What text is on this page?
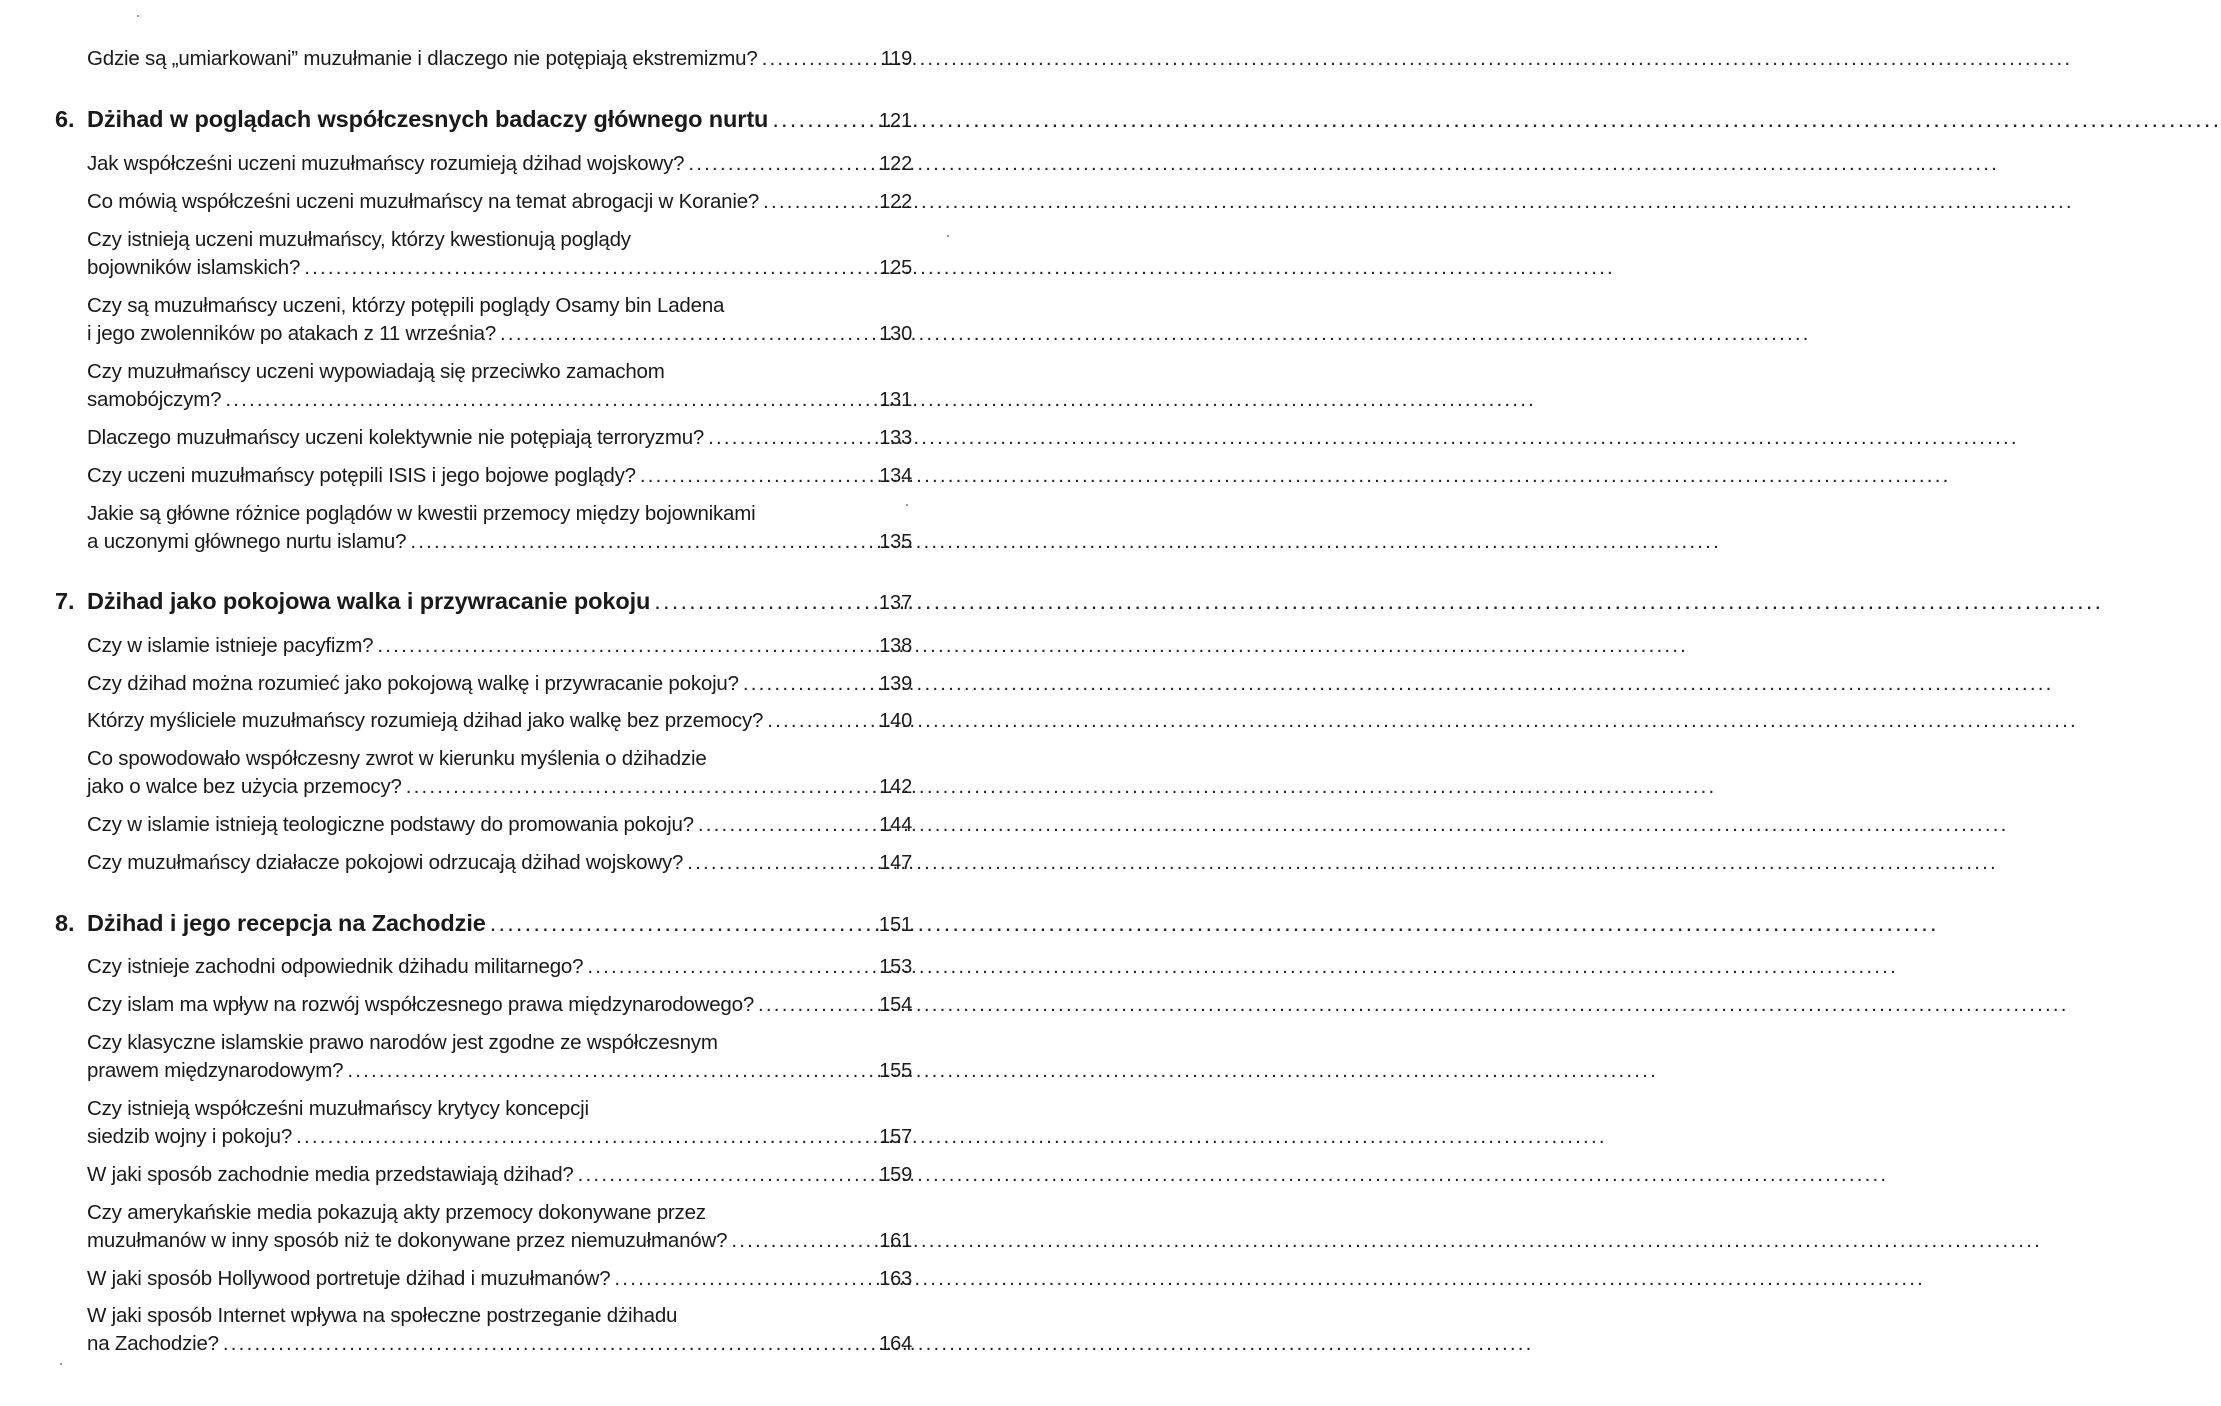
Gdzie są „umiarkowani” muzułmanie i dlaczego nie potępiają ekstremizmu? .....	119
6. Dżihad w poglądach współczesnych badaczy głównego nurtu .....	121
Jak współcześni uczeni muzułmańscy rozumieją dżihad wojskowy? .....	122
Co mówią współcześni uczeni muzułmańscy na temat abrogacji w Koranie? .....	122
Czy istnieją uczeni muzułmańscy, którzy kwestionują poglądy
bojowników islamskich? .....	125
Czy są muzułmańscy uczeni, którzy potępili poglądy Osamy bin Ladena
i jego zwolenników po atakach z 11 września? .....	130
Czy muzułmańscy uczeni wypowiadają się przeciwko zamachom
samobójczym? .....	131
Dlaczego muzułmańscy uczeni kolektywnie nie potępiają terroryzmu? .....	133
Czy uczeni muzułmańscy potępili ISIS i jego bojowe poglądy? .....	134
Jakie są główne różnice poglądów w kwestii przemocy między bojownikami
a uczonymi głównego nurtu islamu? .....	135
7. Dżihad jako pokojowa walka i przywracanie pokoju .....	137
Czy w islamie istnieje pacyfizm? .....	138
Czy dżihad można rozumieć jako pokojową walkę i przywracanie pokoju? .....	139
Którzy myśliciele muzułmańscy rozumieją dżihad jako walkę bez przemocy? .....	140
Co spowodowało współczesny zwrot w kierunku myślenia o dżihadzie
jako o walce bez użycia przemocy? .....	142
Czy w islamie istnieją teologiczne podstawy do promowania pokoju? .....	144
Czy muzułmańscy działacze pokojowi odrzucają dżihad wojskowy? .....	147
8. Dżihad i jego recepcja na Zachodzie .....	151
Czy istnieje zachodni odpowiednik dżihadu militarnego? .....	153
Czy islam ma wpływ na rozwój współczesnego prawa międzynarodowego? .....	154
Czy klasyczne islamskie prawo narodów jest zgodne ze współczesnym
prawem międzynarodowym? .....	155
Czy istnieją współcześni muzułmańscy krytycy koncepcji
siedzib wojny i pokoju? .....	157
W jaki sposób zachodnie media przedstawiają dżihad? .....	159
Czy amerykańskie media pokazują akty przemocy dokonywane przez
muzułmanów w inny sposób niż te dokonywane przez niemuzułmanów? .....	161
W jaki sposób Hollywood portretuje dżihad i muzułmanów? .....	163
W jaki sposób Internet wpływa na społeczne postrzeganie dżihadu
na Zachodzie? .....	164
